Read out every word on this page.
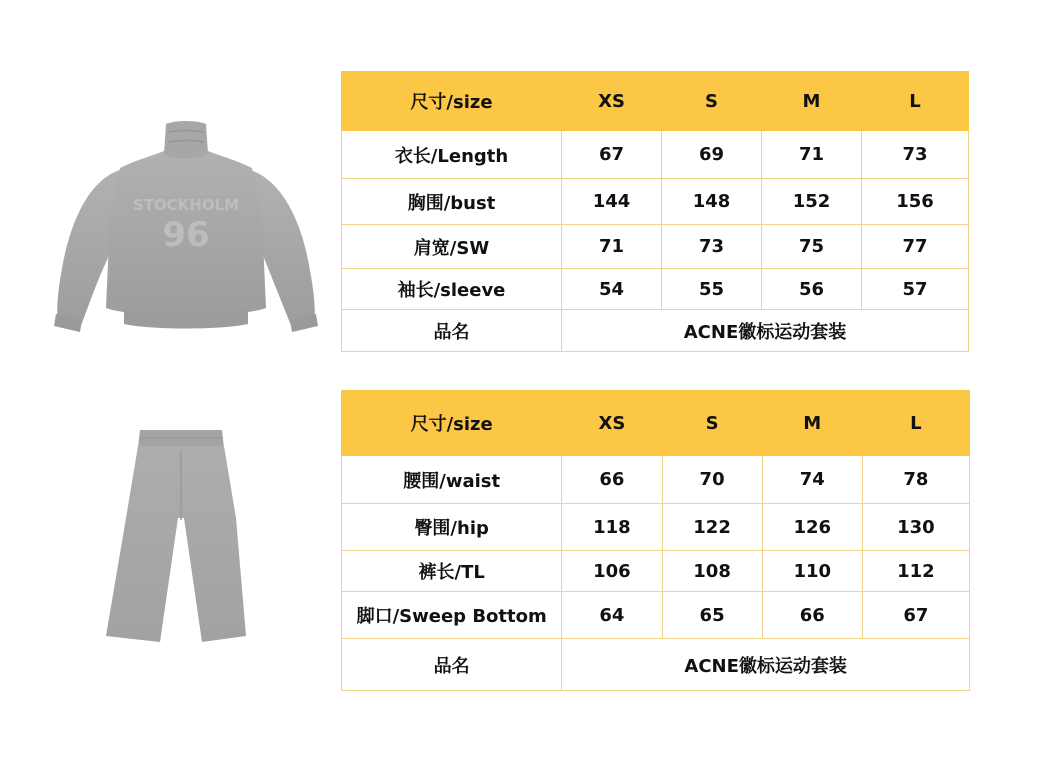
STOCKHOLM
96
尺寸/size	XS	S	M	L
衣长/Length	67	69	71	73
胸围/bust	144	148	152	156
肩宽/SW	71	73	75	77
袖长/sleeve	54	55	56	57
品名	ACNE徽标运动套装			
尺寸/size	XS	S	M	L
腰围/waist	66	70	74	78
臀围/hip	118	122	126	130
裤长/TL	106	108	110	112
脚口/Sweep Bottom	64	65	66	67
品名	ACNE徽标运动套装			
